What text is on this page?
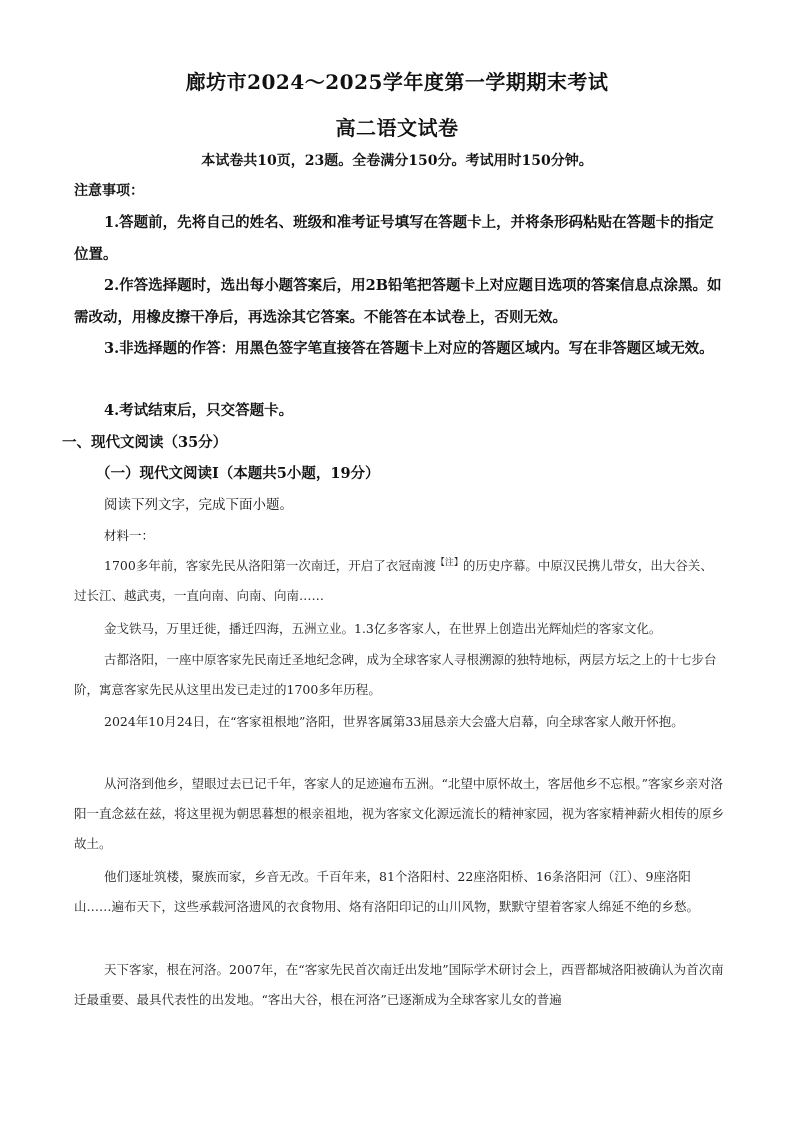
廊坊市2024～2025学年度第一学期期末考试
高二语文试卷
本试卷共10页，23题。全卷满分150分。考试用时150分钟。
注意事项：
1.答题前，先将自己的姓名、班级和准考证号填写在答题卡上，并将条形码粘贴在答题卡的指定位置。
2.作答选择题时，选出每小题答案后，用2B铅笔把答题卡上对应题目选项的答案信息点涂黑。如需改动，用橡皮擦干净后，再选涂其它答案。不能答在本试卷上，否则无效。
3.非选择题的作答：用黑色签字笔直接答在答题卡上对应的答题区域内。写在非答题区域无效。
4.考试结束后，只交答题卡。
一、现代文阅读（35分）
（一）现代文阅读Ⅰ（本题共5小题，19分）
阅读下列文字，完成下面小题。
材料一：
1700多年前，客家先民从洛阳第一次南迁，开启了衣冠南渡$^{【注】}$的历史序幕。中原汉民携儿带女，出大谷关、过长江、越武夷，一直向南、向南、向南……
金戈铁马，万里迁徙，播迁四海，五洲立业。1.3亿多客家人，在世界上创造出光辉灿烂的客家文化。
古都洛阳，一座中原客家先民南迁圣地纪念碑，成为全球客家人寻根溯源的独特地标，两层方坛之上的十七步台阶，寓意客家先民从这里出发已走过的1700多年历程。
2024年10月24日，在“客家祖根地”洛阳，世界客属第33届恳亲大会盛大启幕，向全球客家人敞开怀抱。
从河洛到他乡，望眼过去已记千年，客家人的足迹遍布五洲。“北望中原怀故土，客居他乡不忘根。”客家乡亲对洛阳一直念兹在兹，将这里视为朝思暮想的根亲祖地，视为客家文化源远流长的精神家园，视为客家精神薪火相传的原乡故土。
他们逐址筑楼，聚族而家，乡音无改。千百年来，81个洛阳村、22座洛阳桥、16条洛阳河（江）、9座洛阳山……遍布天下，这些承载河洛遗风的衣食物用、烙有洛阳印记的山川风物，默默守望着客家人绵延不绝的乡愁。
天下客家，根在河洛。2007年，在“客家先民首次南迁出发地”国际学术研讨会上，西晋都城洛阳被确认为首次南迁最重要、最具代表性的出发地。“客出大谷，根在河洛”已逐渐成为全球客家儿女的普遍
